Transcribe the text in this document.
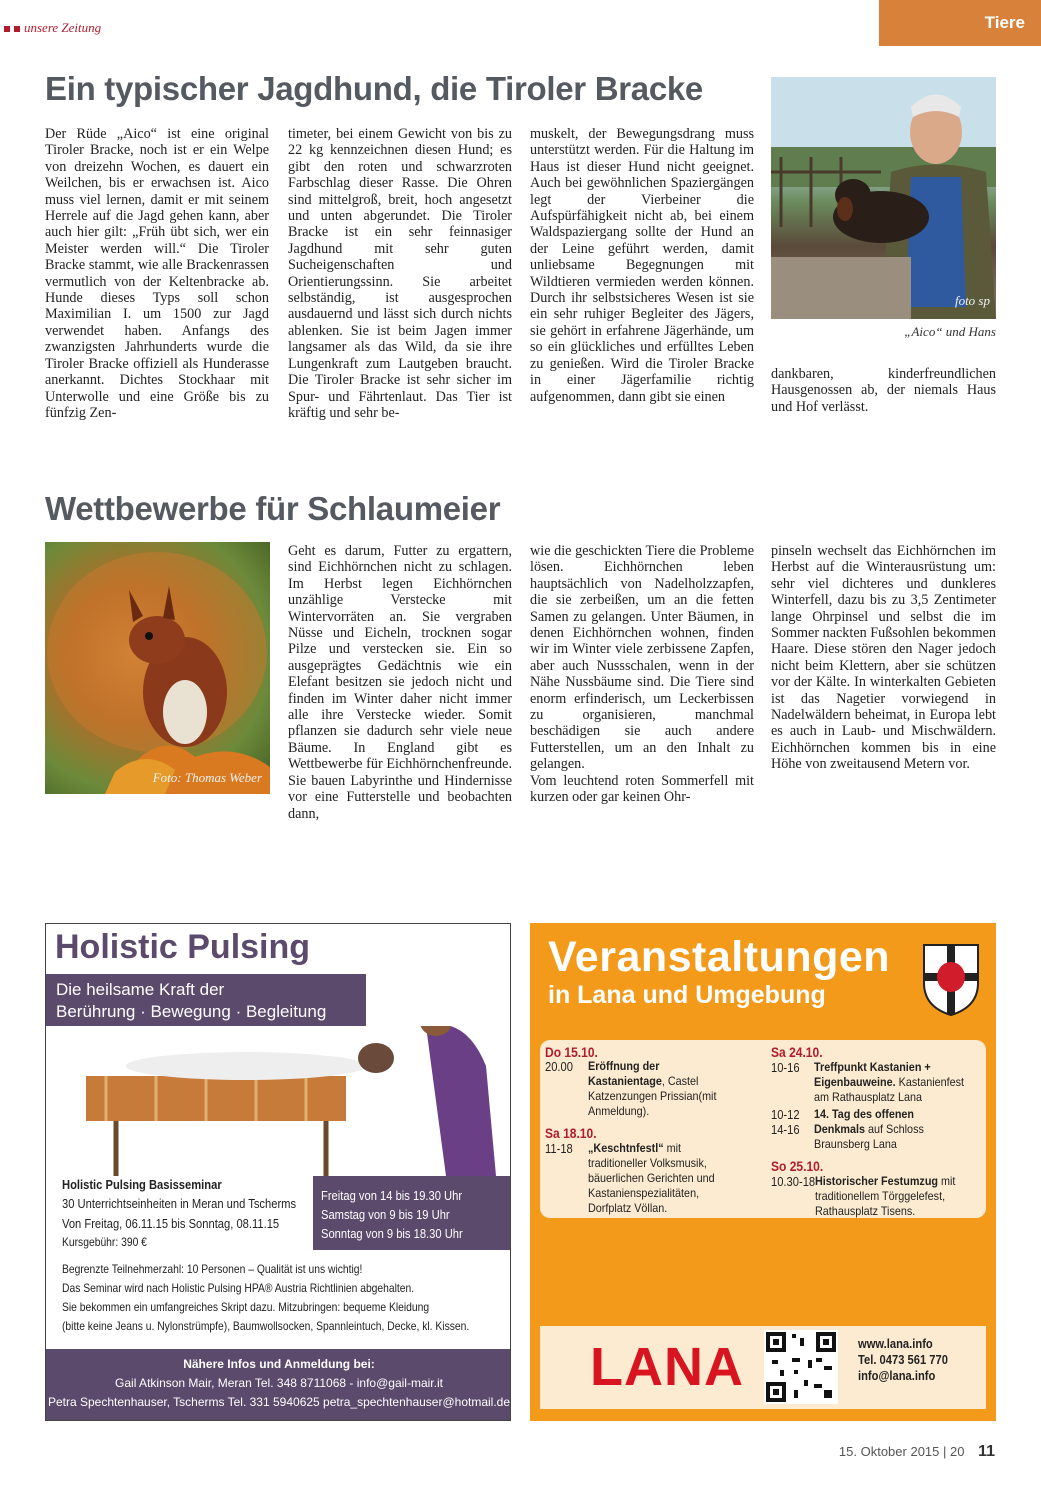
unsere Zeitung	Tiere
Ein typischer Jagdhund, die Tiroler Bracke

Der Rüde „Aico“ ist eine original Tiroler Bracke, noch ist er ein Welpe von dreizehn Wochen, es dauert ein Weilchen, bis er erwachsen ist. Aico muss viel lernen, damit er mit seinem Herrele auf die Jagd gehen kann, aber auch hier gilt: „Früh übt sich, wer ein Meister werden will.“ Die Tiroler Bracke stammt, wie alle Brackenrassen vermutlich von der Keltenbracke ab. Hunde dieses Typs soll schon Maximilian I. um 1500 zur Jagd verwendet haben. Anfangs des zwanzigsten Jahrhunderts wurde die Tiroler Bracke offiziell als Hunderasse anerkannt. Dichtes Stockhaar mit Unterwolle und eine Größe bis zu fünfzig Zen-

timeter, bei einem Gewicht von bis zu 22 kg kennzeichnen diesen Hund; es gibt den roten und schwarzroten Farbschlag dieser Rasse. Die Ohren sind mittelgroß, breit, hoch angesetzt und unten abgerundet. Die Tiroler Bracke ist ein sehr feinnasiger Jagdhund mit sehr guten Sucheigenschaften und Orientierungssinn. Sie arbeitet selbständig, ist ausgesprochen ausdauernd und lässt sich durch nichts ablenken. Sie ist beim Jagen immer langsamer als das Wild, da sie ihre Lungenkraft zum Lautgeben braucht. Die Tiroler Bracke ist sehr sicher im Spur- und Fährtenlaut. Das Tier ist kräftig und sehr be-

muskelt, der Bewegungsdrang muss unterstützt werden. Für die Haltung im Haus ist dieser Hund nicht geeignet. Auch bei gewöhnlichen Spaziergängen legt der Vierbeiner die Aufspürfähigkeit nicht ab, bei einem Waldspaziergang sollte der Hund an der Leine geführt werden, damit unliebsame Begegnungen mit Wildtieren vermieden werden können. Durch ihr selbstsicheres Wesen ist sie ein sehr ruhiger Begleiter des Jägers, sie gehört in erfahrene Jägerhände, um so ein glückliches und erfülltes Leben zu genießen. Wird die Tiroler Bracke in einer Jägerfamilie richtig aufgenommen, dann gibt sie einen

foto sp
„Aico“ und Hans

dankbaren, kinderfreundlichen Hausgenossen ab, der niemals Haus und Hof verlässt.

Wettbewerbe für Schlaumeier
Foto: Thomas Weber

Geht es darum, Futter zu ergattern, sind Eichhörnchen nicht zu schlagen. Im Herbst legen Eichhörnchen unzählige Verstecke mit Wintervorräten an. Sie vergraben Nüsse und Eicheln, trocknen sogar Pilze und verstecken sie. Ein so ausgeprägtes Gedächtnis wie ein Elefant besitzen sie jedoch nicht und finden im Winter daher nicht immer alle ihre Verstecke wieder. Somit pflanzen sie dadurch sehr viele neue Bäume. In England gibt es Wettbewerbe für Eichhörnchenfreunde. Sie bauen Labyrinthe und Hindernisse vor eine Futterstelle und beobachten dann,

wie die geschickten Tiere die Probleme lösen. Eichhörnchen leben hauptsächlich von Nadelholzzapfen, die sie zerbeißen, um an die fetten Samen zu gelangen. Unter Bäumen, in denen Eichhörnchen wohnen, finden wir im Winter viele zerbissene Zapfen, aber auch Nussschalen, wenn in der Nähe Nussbäume sind. Die Tiere sind enorm erfinderisch, um Leckerbissen zu organisieren, manchmal beschädigen sie auch andere Futterstellen, um an den Inhalt zu gelangen.
Vom leuchtend roten Sommerfell mit kurzen oder gar keinen Ohr-

pinseln wechselt das Eichhörnchen im Herbst auf die Winterausrüstung um: sehr viel dichteres und dunkleres Winterfell, dazu bis zu 3,5 Zentimeter lange Ohrpinsel und selbst die im Sommer nackten Fußsohlen bekommen Haare. Diese stören den Nager jedoch nicht beim Klettern, aber sie schützen vor der Kälte. In winterkalten Gebieten ist das Nagetier vorwiegend in Nadelwäldern beheimat, in Europa lebt es auch in Laub- und Mischwäldern. Eichhörnchen kommen bis in eine Höhe von zweitausend Metern vor.

Holistic Pulsing
Die heilsame Kraft der
Berührung · Bewegung · Begleitung
Holistic Pulsing Basisseminar
30 Unterrichtseinheiten in Meran und Tscherms
Von Freitag, 06.11.15 bis Sonntag, 08.11.15
Kursgebühr: 390 €
Freitag von 14 bis 19.30 Uhr
Samstag von 9 bis 19 Uhr
Sonntag von 9 bis 18.30 Uhr
Begrenzte Teilnehmerzahl: 10 Personen – Qualität ist uns wichtig!
Das Seminar wird nach Holistic Pulsing HPA® Austria Richtlinien abgehalten.
Sie bekommen ein umfangreiches Skript dazu. Mitzubringen: bequeme Kleidung
(bitte keine Jeans u. Nylonstrümpfe), Baumwollsocken, Spannleintuch, Decke, kl. Kissen.
Nähere Infos und Anmeldung bei:
Gail Atkinson Mair, Meran Tel. 348 8711068 - info@gail-mair.it
Petra Spechtenhauser, Tscherms Tel. 331 5940625 petra_spechtenhauser@hotmail.de
Veranstaltungen
in Lana und Umgebung
Do 15.10.
20.00	Eröffnung der Kastanientage, Castel Katzenzungen Prissian(mit Anmeldung).
Sa 18.10.
11-18	„Keschtnfestl“ mit traditioneller Volksmusik, bäuerlichen Gerichten und Kastanienspezialitäten, Dorfplatz Völlan.
Sa 24.10.
10-16	Treffpunkt Kastanien + Eigenbauweine. Kastanienfest am Rathausplatz Lana
10-12	14. Tag des offenen
14-16	Denkmals auf Schloss Braunsberg Lana
So 25.10.
10.30-18 Historischer Festumzug mit traditionellem Törggelefest, Rathausplatz Tisens.
LANA	www.lana.info
Tel. 0473 561 770
info@lana.info
15. Oktober 2015 | 20 11
